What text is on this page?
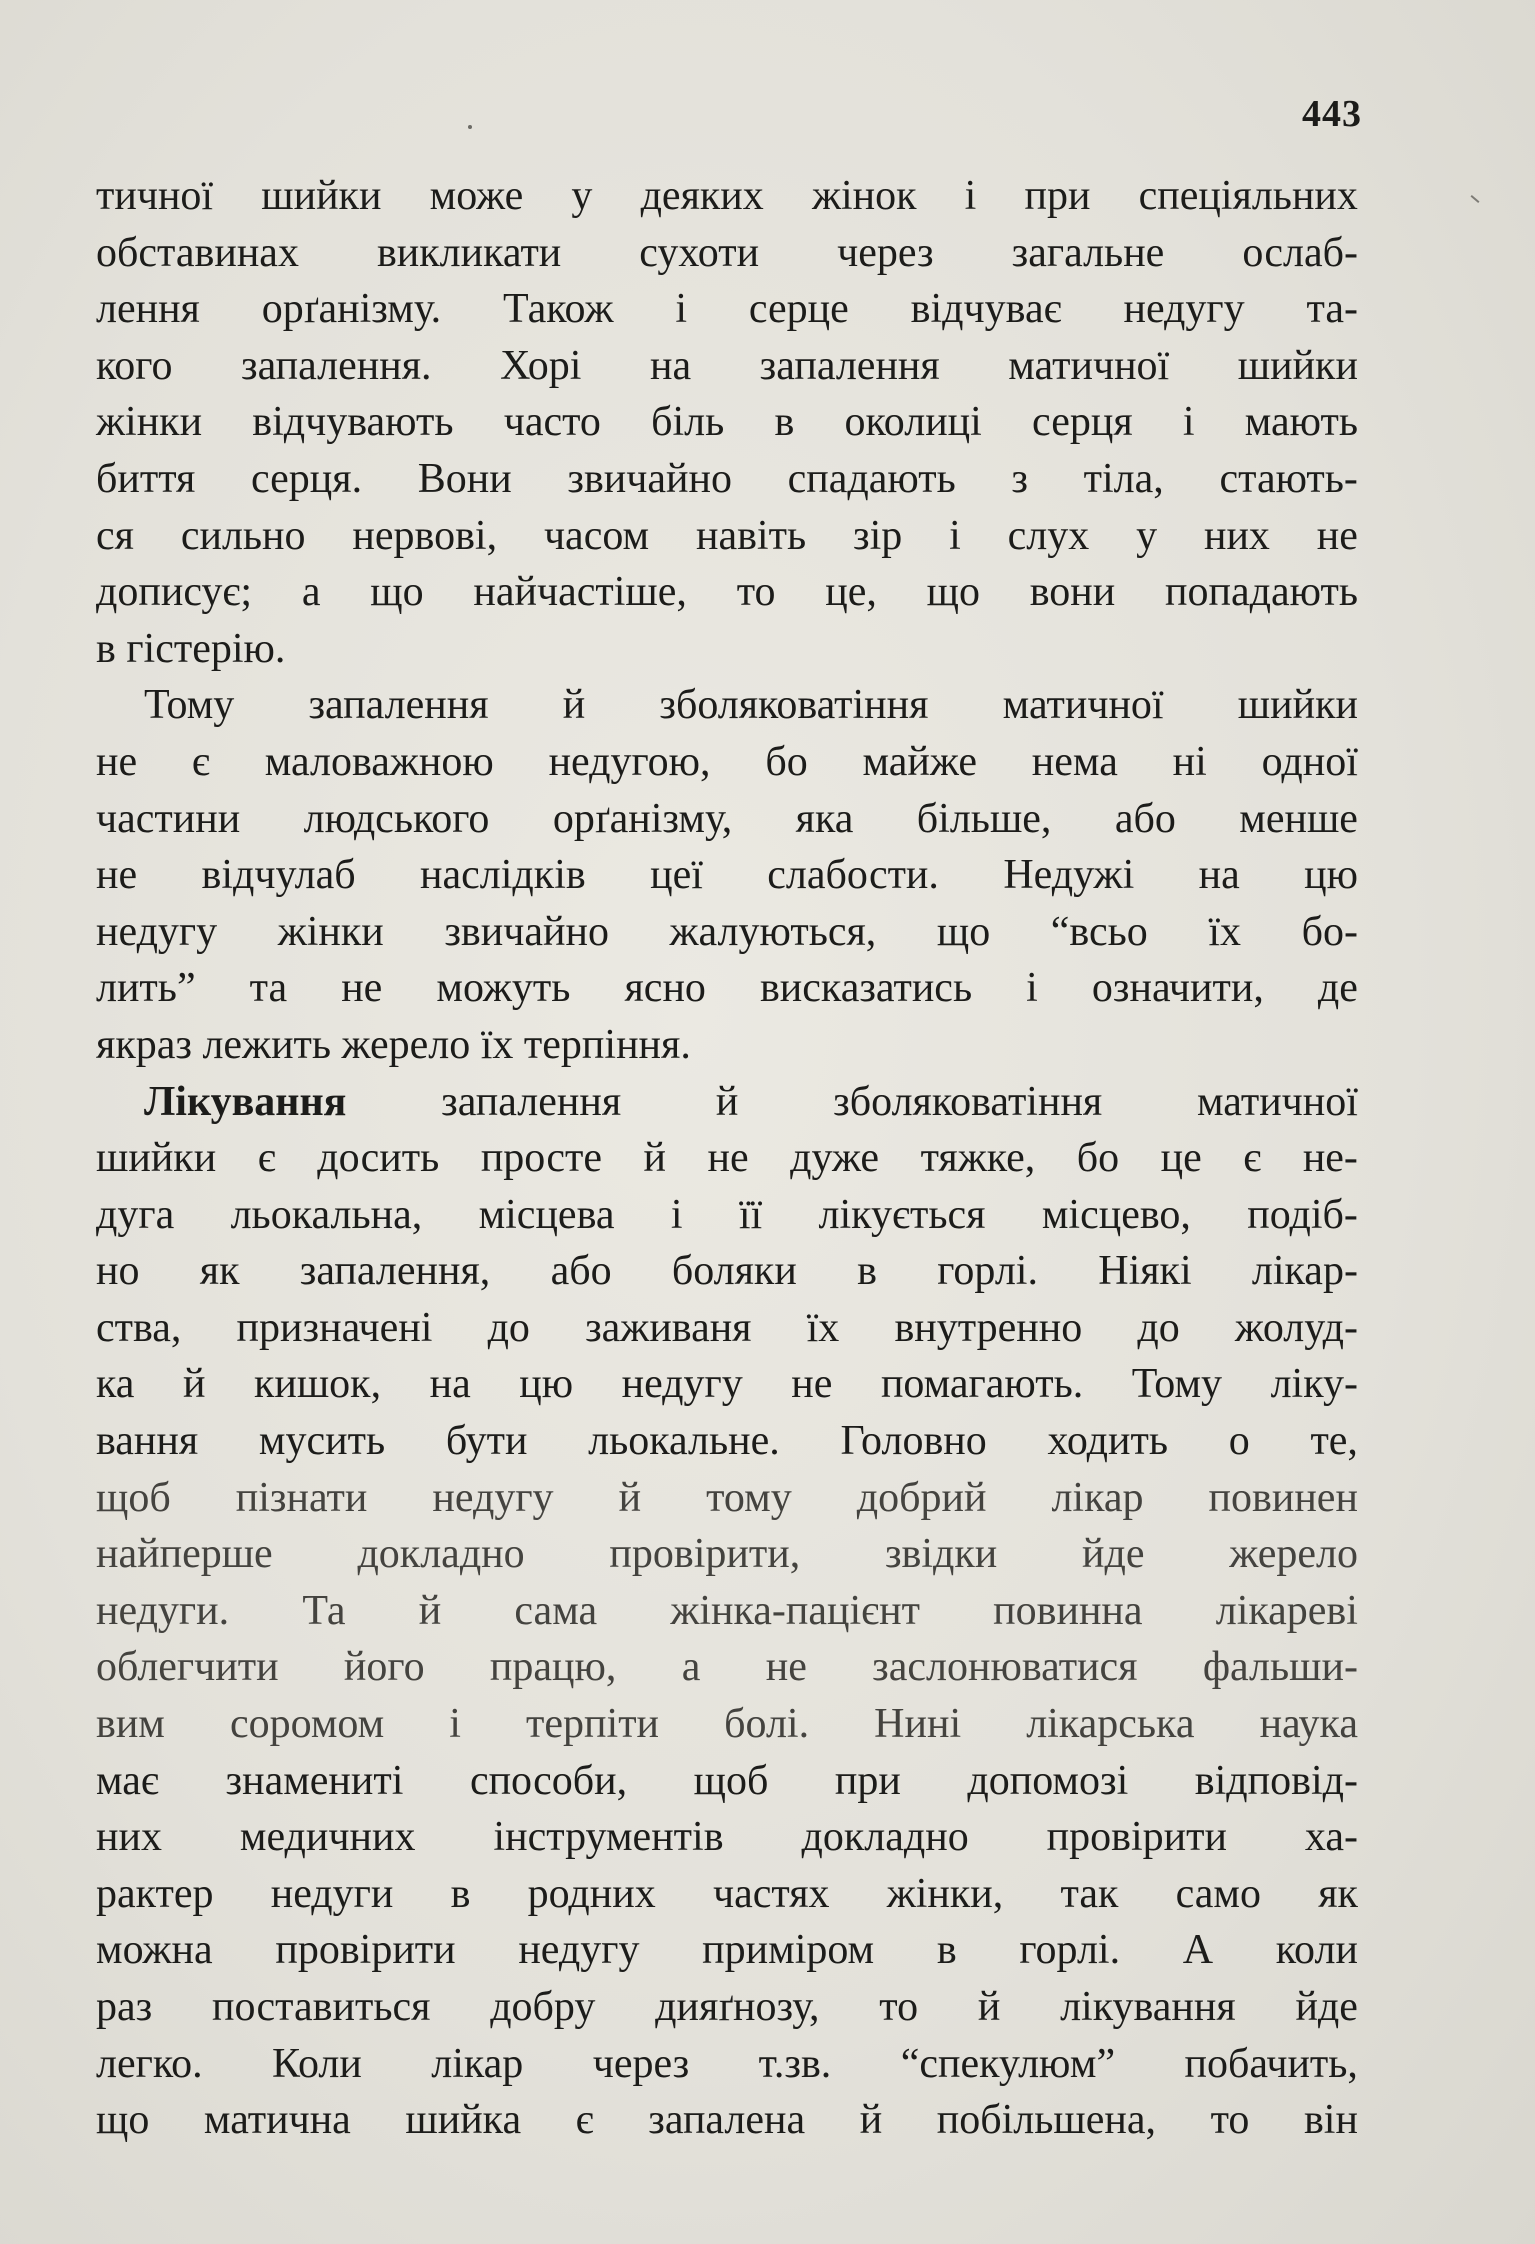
443
тичної шийки може у деяких жінок і при спеціяльних
обставинах викликати сухоти через загальне ослаб-
лення орґанізму. Також і серце відчуває недугу та-
кого запалення. Хорі на запалення матичної шийки
жінки відчувають часто біль в околиці серця і мають
биття серця. Вони звичайно спадають з тіла, стають-
ся сильно нервові, часом навіть зір і слух у них не
дописує; а що найчастіше, то це, що вони попадають
в гістерію.
Тому запалення й зболяковатіння матичної шийки
не є маловажною недугою, бо майже нема ні одної
частини людського орґанізму, яка більше, або менше
не відчулаб наслідків цеї слабости. Недужі на цю
недугу жінки звичайно жалуються, що “всьо їх бо-
лить” та не можуть ясно висказатись і означити, де
якраз лежить жерело їх терпіння.
Лікування запалення й зболяковатіння матичної
шийки є досить просте й не дуже тяжке, бо це є не-
дуга льокальна, місцева і її лікується місцево, подіб-
но як запалення, або боляки в горлі. Ніякі лікар-
ства, призначені до заживаня їх внутренно до жолуд-
ка й кишок, на цю недугу не помагають. Тому ліку-
вання мусить бути льокальне. Головно ходить о те,
щоб пізнати недугу й тому добрий лікар повинен
найперше докладно провірити, звідки йде жерело
недуги. Та й сама жінка-пацієнт повинна лікареві
облегчити його працю, а не заслонюватися фальши-
вим соромом і терпіти болі. Нині лікарська наука
має знамениті способи, щоб при допомозі відповід-
них медичних інструментів докладно провірити ха-
рактер недуги в родних частях жінки, так само як
можна провірити недугу приміром в горлі. А коли
раз поставиться добру дияґнозу, то й лікування йде
легко. Коли лікар через т.зв. “спекулюм” побачить,
що матична шийка є запалена й побільшена, то він
